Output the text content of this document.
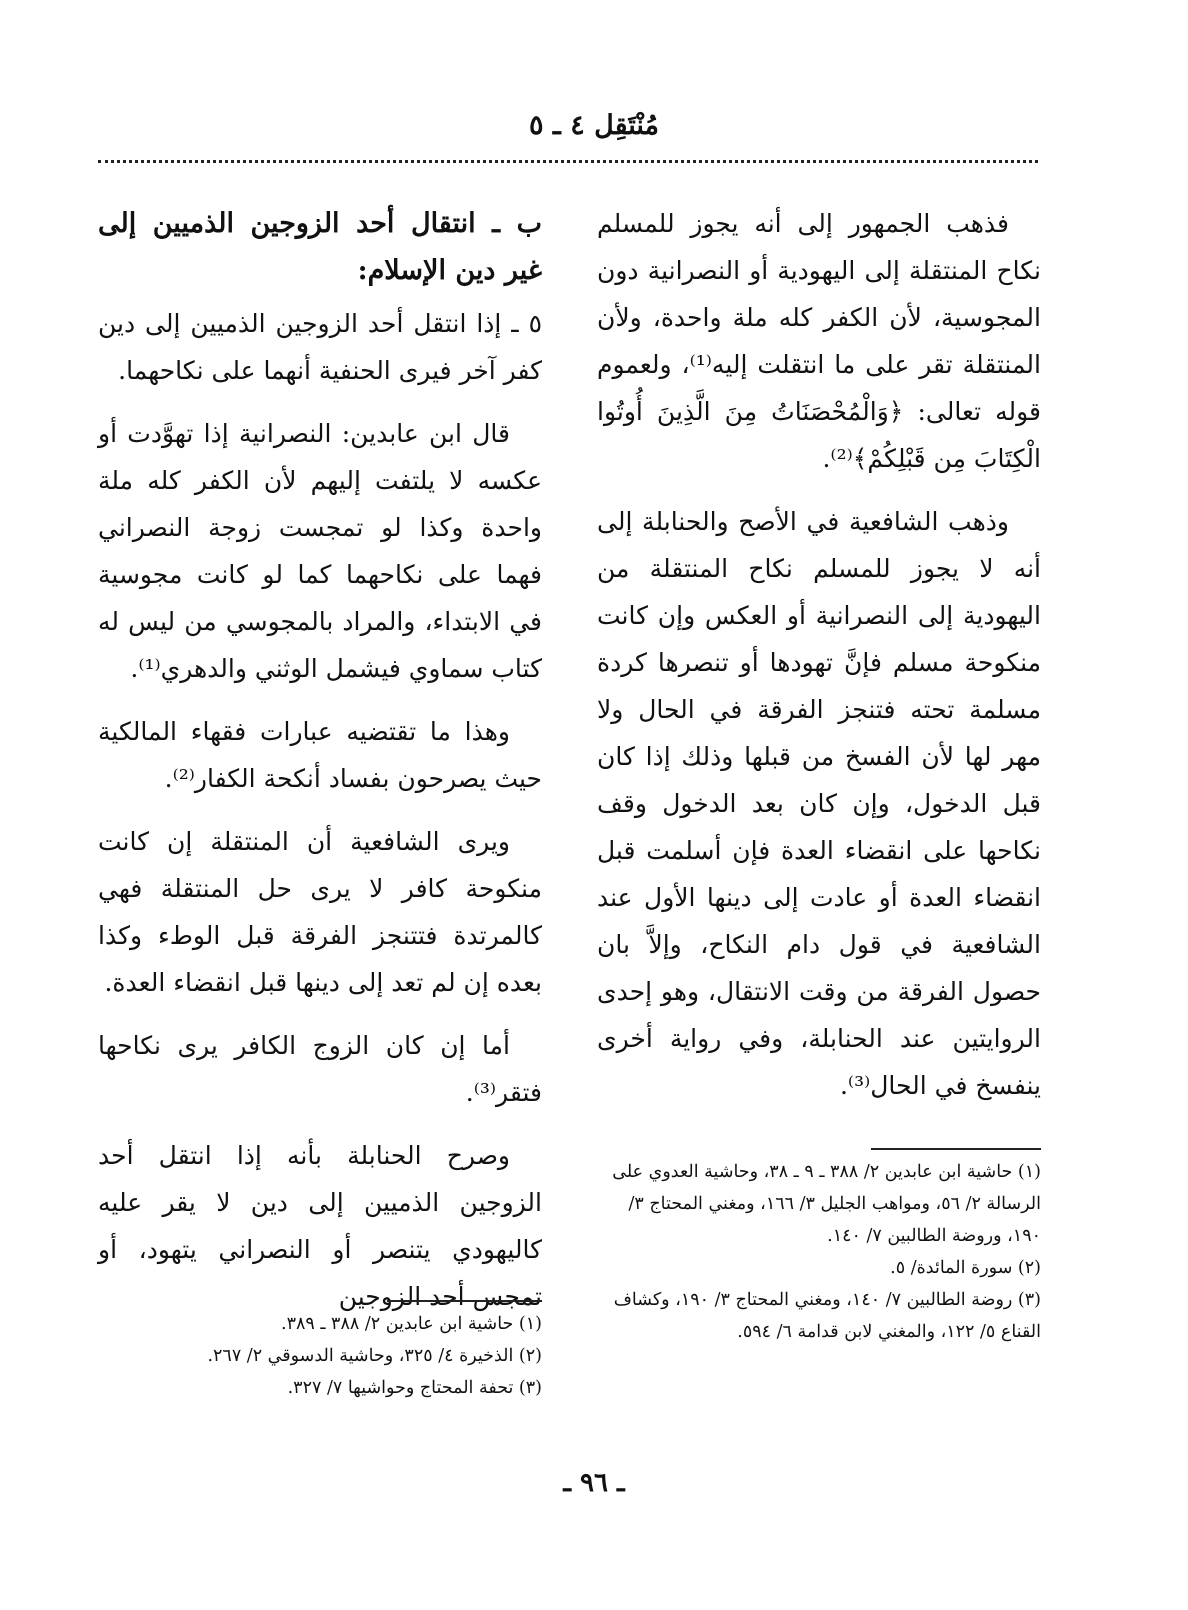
مُنْتَقِل ٤ ـ ٥

فذهب الجمهور إلى أنه يجوز للمسلم نكاح المنتقلة إلى اليهودية أو النصرانية دون المجوسية، لأن الكفر كله ملة واحدة، ولأن المنتقلة تقر على ما انتقلت إليه⁽¹⁾، ولعموم قوله تعالى: ﴿وَالْمُحْصَنَاتُ مِنَ الَّذِينَ أُوتُوا الْكِتَابَ مِن قَبْلِكُمْ﴾⁽²⁾.

وذهب الشافعية في الأصح والحنابلة إلى أنه لا يجوز للمسلم نكاح المنتقلة من اليهودية إلى النصرانية أو العكس وإن كانت منكوحة مسلم فإنَّ تهودها أو تنصرها كردة مسلمة تحته فتنجز الفرقة في الحال ولا مهر لها لأن الفسخ من قبلها وذلك إذا كان قبل الدخول، وإن كان بعد الدخول وقف نكاحها على انقضاء العدة فإن أسلمت قبل انقضاء العدة أو عادت إلى دينها الأول عند الشافعية في قول دام النكاح، وإلاَّ بان حصول الفرقة من وقت الانتقال، وهو إحدى الروايتين عند الحنابلة، وفي رواية أخرى ينفسخ في الحال⁽³⁾.

(١) حاشية ابن عابدين ٢/ ٣٨٨ ـ ٩ ـ ٣٨، وحاشية العدوي على الرسالة ٢/ ٥٦، ومواهب الجليل ٣/ ١٦٦، ومغني المحتاج ٣/ ١٩٠، وروضة الطالبين ٧/ ١٤٠.

(٢) سورة المائدة/ ٥.

(٣) روضة الطالبين ٧/ ١٤٠، ومغني المحتاج ٣/ ١٩٠، وكشاف القناع ٥/ ١٢٢، والمغني لابن قدامة ٦/ ٥٩٤.

ب ـ انتقال أحد الزوجين الذميين إلى غير دين الإسلام:

٥ ـ إذا انتقل أحد الزوجين الذميين إلى دين كفر آخر فيرى الحنفية أنهما على نكاحهما.

قال ابن عابدين: النصرانية إذا تهوَّدت أو عكسه لا يلتفت إليهم لأن الكفر كله ملة واحدة وكذا لو تمجست زوجة النصراني فهما على نكاحهما كما لو كانت مجوسية في الابتداء، والمراد بالمجوسي من ليس له كتاب سماوي فيشمل الوثني والدهري⁽¹⁾.

وهذا ما تقتضيه عبارات فقهاء المالكية حيث يصرحون بفساد أنكحة الكفار⁽²⁾.

ويرى الشافعية أن المنتقلة إن كانت منكوحة كافر لا يرى حل المنتقلة فهي كالمرتدة فتتنجز الفرقة قبل الوطء وكذا بعده إن لم تعد إلى دينها قبل انقضاء العدة.

أما إن كان الزوج الكافر يرى نكاحها فتقر⁽³⁾.

وصرح الحنابلة بأنه إذا انتقل أحد الزوجين الذميين إلى دين لا يقر عليه كاليهودي يتنصر أو النصراني يتهود، أو تمجس أحد الزوجين

(١) حاشية ابن عابدين ٢/ ٣٨٨ ـ ٣٨٩.

(٢) الذخيرة ٤/ ٣٢٥، وحاشية الدسوقي ٢/ ٢٦٧.

(٣) تحفة المحتاج وحواشيها ٧/ ٣٢٧.

ـ ٩٦ ـ
